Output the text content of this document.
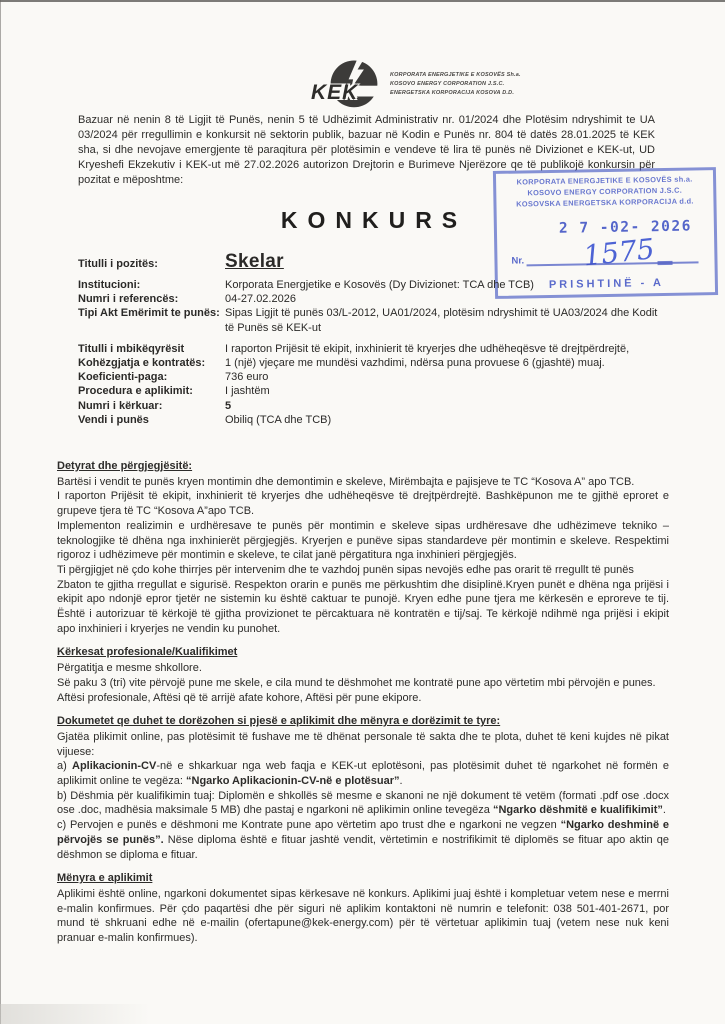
KEK
KORPORATA ENERGJETIKE E KOSOVËS Sh.a.
KOSOVO ENERGY CORPORATION J.S.C.
ENERGETSKA KORPORACIJA KOSOVA D.D.

Bazuar në nenin 8 të Ligjit të Punës, nenin 5 të Udhëzimit Administrativ nr. 01/2024 dhe Plotësim ndryshimit te UA 03/2024 për rregullimin e konkursit në sektorin publik, bazuar në Kodin e Punës nr. 804 të datës 28.01.2025 të KEK sha, si dhe nevojave emergjente të paraqitura për plotësimin e vendeve të lira të punës në Divizionet e KEK-ut, UD Kryeshefi Ekzekutiv i KEK-ut më 27.02.2026 autorizon Drejtorin e Burimeve Njerëzore qe të publikojë konkursin për pozitat e mëposhtme:	KORPORATA ENERGJETIKE E KOSOVËS sh.a.
KOSOVO ENERGY CORPORATION J.S.C.
KOSOVSKA ENERGETSKA KORPORACIJA d.d.
2 7 -02- 2026
1575
Nr.
PRISHTINË - A
KONKURS
Titulli i pozitës:	Skelar
Institucioni:	Korporata Energjetike e Kosovës (Dy Divizionet: TCA dhe TCB)
Numri i referencës:	04-27.02.2026
Tipi Akt Emërimit te punës: Sipas Ligjit të punës 03/L-2012, UA01/2024, plotësim ndryshimit të UA03/2024 dhe Kodit të Punës së KEK-ut
Titulli i mbikëqyrësit	I raporton Prijësit të ekipit, inxhinierit të kryerjes dhe udhëheqësve të drejtpërdrejtë,
Kohëzgjatja e kontratës:	1 (një) vjeçare me mundësi vazhdimi, ndërsa puna provuese 6 (gjashtë) muaj.
Koeficienti-paga:	736 euro
Procedura e aplikimit:	I jashtëm
Numri i kërkuar:	5
Vendi i punës	Obiliq (TCA dhe TCB)
Detyrat dhe përgjegjësitë:

Bartësi i vendit te punës kryen montimin dhe demontimin e skeleve, Mirëmbajta e pajisjeve te TC “Kosova A” apo TCB.

I raporton Prijësit të ekipit, inxhinierit të kryerjes dhe udhëheqësve të drejtpërdrejtë. Bashkëpunon me te gjithë eproret e grupeve tjera të TC “Kosova A”apo TCB.

Implementon realizimin e urdhëresave te punës për montimin e skeleve sipas urdhëresave dhe udhëzimeve tekniko – teknologjike të dhëna nga inxhinierët përgjegjës. Kryerjen e punëve sipas standardeve për montimin e skeleve. Respektimi rigoroz i udhëzimeve për montimin e skeleve, te cilat janë përgatitura nga inxhinieri përgjegjës.

Ti përgjigjet në çdo kohe thirrjes për intervenim dhe te vazhdoj punën sipas nevojës edhe pas orarit të rregullt të punës

Zbaton te gjitha rregullat e sigurisë. Respekton orarin e punës me përkushtim dhe disiplinë.Kryen punët e dhëna nga prijësi i ekipit apo ndonjë epror tjetër ne sistemin ku është caktuar te punojë. Kryen edhe pune tjera me kërkesën e eproreve te tij. Është i autorizuar të kërkojë të gjitha provizionet te përcaktuara në kontratën e tij/saj. Te kërkojë ndihmë nga prijësi i ekipit apo inxhinieri i kryerjes ne vendin ku punohet.

Kërkesat profesionale/Kualifikimet

Përgatitja e mesme shkollore.

Së paku 3 (tri) vite përvojë pune me skele, e cila mund te dëshmohet me kontratë pune apo vërtetim mbi përvojën e punes.

Aftësi profesionale, Aftësi që të arrijë afate kohore, Aftësi për pune ekipore.

Dokumetet qe duhet te dorëzohen si pjesë e aplikimit dhe mënyra e dorëzimit te tyre:

Gjatëa plikimit online, pas plotësimit të fushave me të dhënat personale të sakta dhe te plota, duhet të keni kujdes në pikat vijuese:

a) Aplikacionin-CV-në e shkarkuar nga web faqja e KEK-ut eplotësoni, pas plotësimit duhet të ngarkohet në formën e aplikimit online te vegëza: “Ngarko Aplikacionin-CV-në e plotësuar”.

b) Dëshmia për kualifikimin tuaj: Diplomën e shkollës së mesme e skanoni ne një dokument të vetëm (formati .pdf ose .docx ose .doc, madhësia maksimale 5 MB) dhe pastaj e ngarkoni në aplikimin online tevegëza “Ngarko dëshmitë e kualifikimit”.

c) Pervojen e punës e dëshmoni me Kontrate pune apo vërtetim apo trust dhe e ngarkoni ne vegzen “Ngarko deshminë e përvojës se punës”. Nëse diploma është e fituar jashtë vendit, vërtetimin e nostrifikimit të diplomës se fituar apo aktin qe dëshmon se diploma e fituar.

Mënyra e aplikimit

Aplikimi është online, ngarkoni dokumentet sipas kërkesave në konkurs. Aplikimi juaj është i kompletuar vetem nese e merrni e-malin konfirmues. Për çdo paqartësi dhe për siguri në aplikim kontaktoni në numrin e telefonit: 038 501-401-2671, por mund të shkruani edhe në e-mailin (ofertapune@kek-energy.com) për të vërtetuar aplikimin tuaj (vetem nese nuk keni pranuar e-malin konfirmues).
